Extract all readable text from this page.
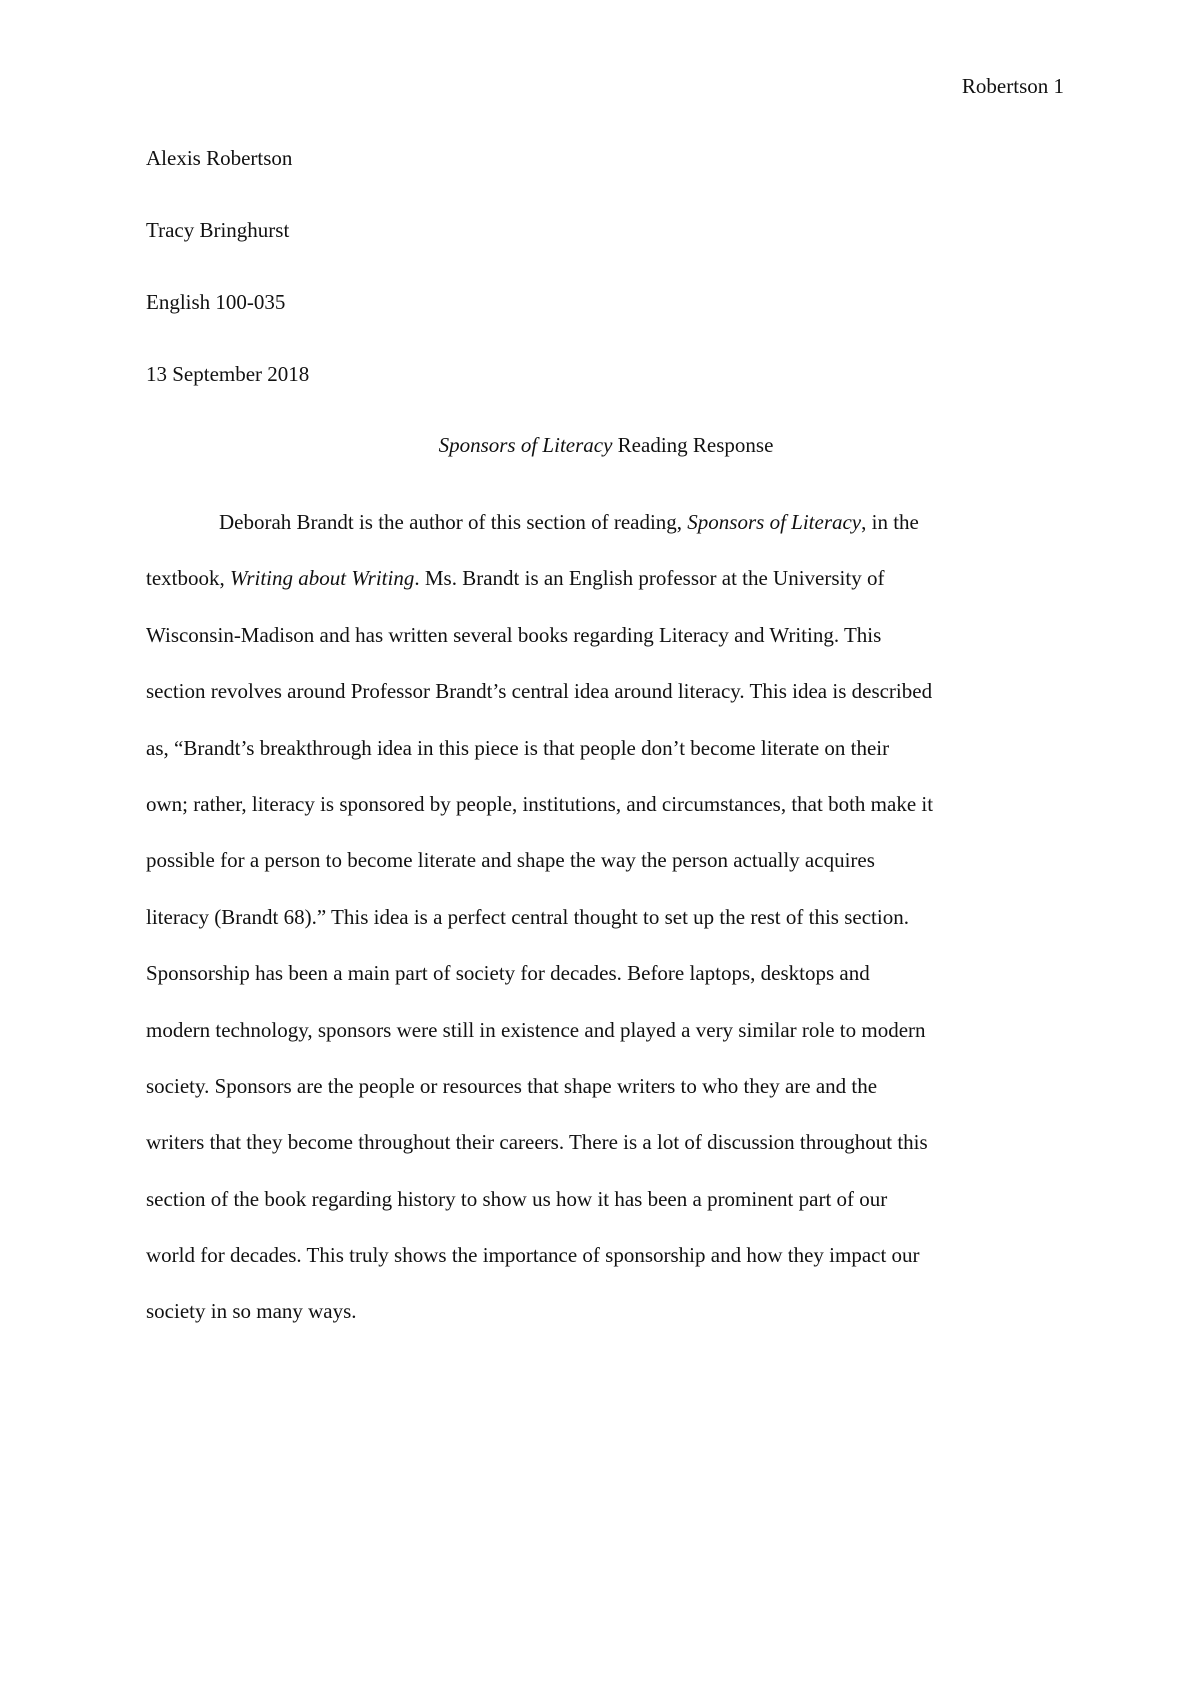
Robertson 1
Alexis Robertson
Tracy Bringhurst
English 100-035
13 September 2018
Sponsors of Literacy Reading Response
Deborah Brandt is the author of this section of reading, Sponsors of Literacy, in the
textbook, Writing about Writing. Ms. Brandt is an English professor at the University of
Wisconsin-Madison and has written several books regarding Literacy and Writing. This
section revolves around Professor Brandt’s central idea around literacy. This idea is described
as, “Brandt’s breakthrough idea in this piece is that people don’t become literate on their
own; rather, literacy is sponsored by people, institutions, and circumstances, that both make it
possible for a person to become literate and shape the way the person actually acquires
literacy (Brandt 68).” This idea is a perfect central thought to set up the rest of this section.
Sponsorship has been a main part of society for decades. Before laptops, desktops and
modern technology, sponsors were still in existence and played a very similar role to modern
society. Sponsors are the people or resources that shape writers to who they are and the
writers that they become throughout their careers. There is a lot of discussion throughout this
section of the book regarding history to show us how it has been a prominent part of our
world for decades. This truly shows the importance of sponsorship and how they impact our
society in so many ways.
